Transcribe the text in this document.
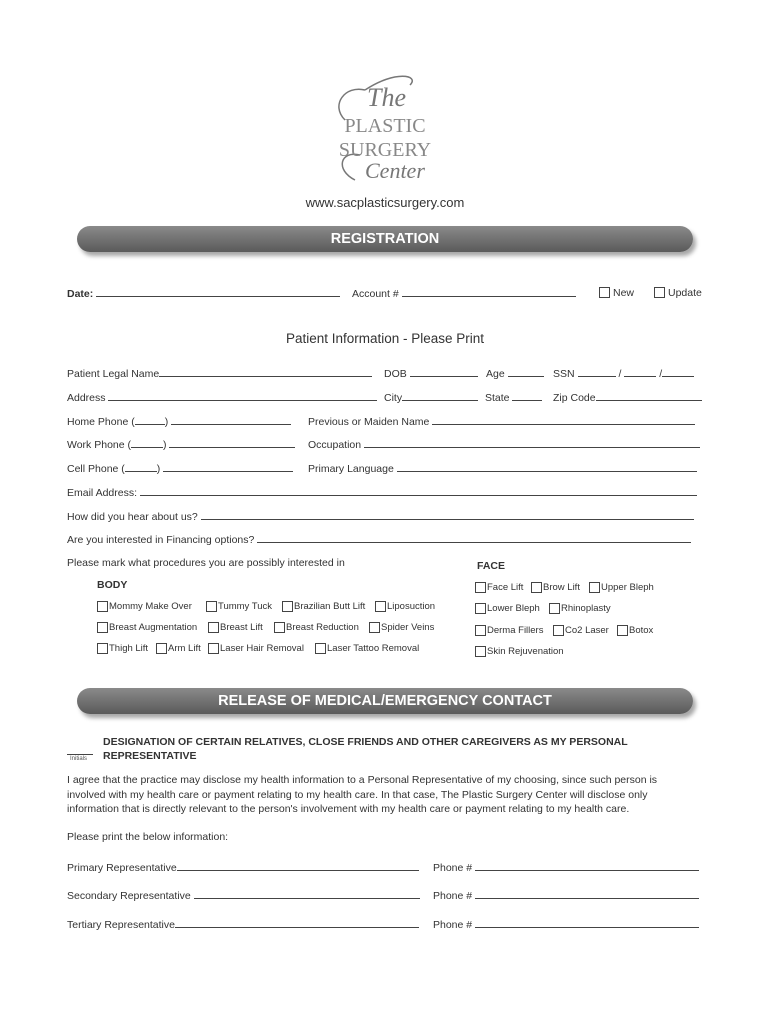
The
PLASTIC
SURGERY
Center
www.sacplasticsurgery.com
REGISTRATION
Date:	Account #	New	Update
Patient Information - Please Print
Patient Legal Name	DOB	Age	SSN	/	/
Address	City	State	Zip Code
Home Phone (	)	Previous or Maiden Name
Work Phone (	)	Occupation
Cell Phone (	)	Primary Language
Email Address:
How did you hear about us?
Are you interested in Financing options?
Please mark what procedures you are possibly interested in
BODY
FACE
Mommy Make Over	Tummy Tuck Brazilian Butt Lift Liposuction
Breast Augmentation Breast Lift Breast Reduction Spider Veins
Thigh Lift Arm Lift Laser Hair Removal Laser Tattoo Removal
Face Lift Brow Lift Upper Bleph
Lower Bleph Rhinoplasty
Derma Fillers Co2 Laser Botox
Skin Rejuvenation
RELEASE OF MEDICAL/EMERGENCY CONTACT
Initials
DESIGNATION OF CERTAIN RELATIVES, CLOSE FRIENDS AND OTHER CAREGIVERS AS MY PERSONAL
REPRESENTATIVE
I agree that the practice may disclose my health information to a Personal Representative of my choosing, since such person is
involved with my health care or payment relating to my health care. In that case, The Plastic Surgery Center will disclose only
information that is directly relevant to the person's involvement with my health care or payment relating to my health care.
Please print the below information:
Primary Representative	Phone #
Secondary Representative	Phone #
Tertiary Representative	Phone #
